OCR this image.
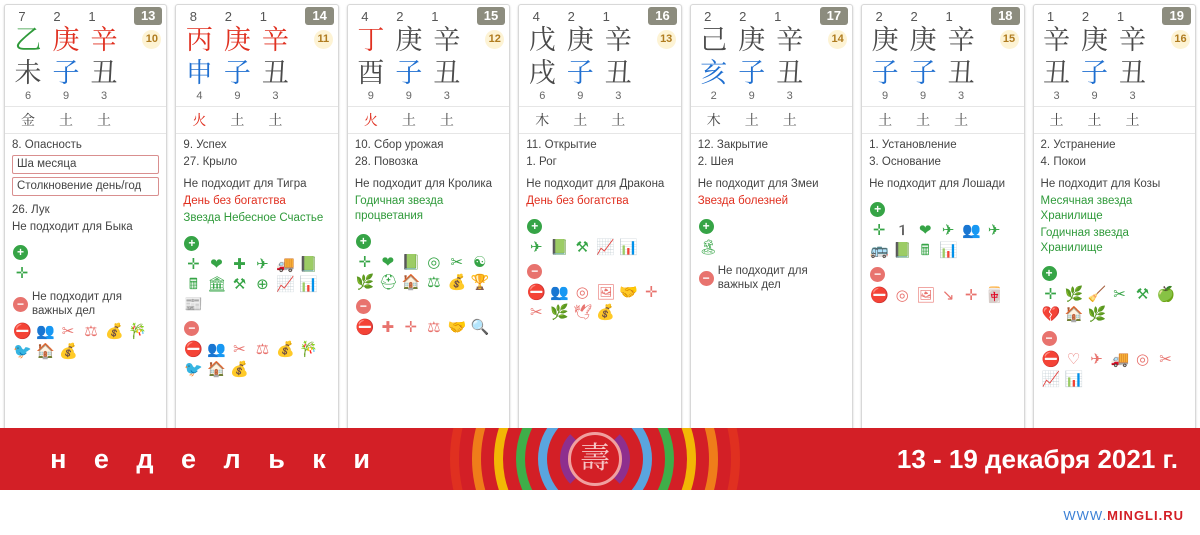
7 2 1	13
乙 庚 辛	10
未 子 丑
6	9	3
金	土	土
8. Опасность
Ша месяца
Столкновение день/год
26. Лук
Не подходит для Быка
+
✛
− Не подходит для важных дел
⛔ 👥 ✂ ⚖ 💰 🎋
🐦 🏠 💰
8 2 1	14
丙 庚 辛	11
申 子 丑
4	9	3
火	土	土
9. Успех
27. Крыло
Не подходит для Тигра
День без богатства
Звезда Небесное Счастье
+
✛ ❤ ✚ ✈ 🚚 📗
🖩 🏛 ⚒ ⊕ 📈 📊
📰
−
⛔ 👥 ✂ ⚖ 💰 🎋
🐦 🏠 💰
4 2 1	15
丁 庚 辛	12
酉 子 丑
9	9	3
火	土	土
10. Сбор урожая
28. Повозка
Не подходит для Кролика
Годичная звезда процветания
+
✛ ❤ 📗 ◎ ✂ ☯
🌿 ⛑ 🏠 ⚖ 💰 🏆
−
⛔ ✚ ✛ ⚖ 🤝 🔍
4 2 1	16
戊 庚 辛	13
戌 子 丑
6	9	3
木	土	土
11. Открытие
1. Рог
Не подходит для Дракона
День без богатства
+
✈ 📗 ⚒ 📈 📊
−
⛔ 👥 ◎ 🖼 🤝 ✛
✂ 🌿 🕊 💰
2 2 1	17
己 庚 辛	14
亥 子 丑
2	9	3
木	土	土
12. Закрытие
2. Шея
Не подходит для Змеи
Звезда болезней
+
🏝
− Не подходит для важных дел
2 2 1	18
庚 庚 辛	15
子 子 丑
9	9	3
土	土	土
1. Установление
3. Основание
Не подходит для Лошади
+
✛ 1️ ❤ ✈ 👥 ✈
🚌 📗 🖩 📊
−
⛔ ◎ 🖼 ↘ ✛ 🀄
1 2 1	19
辛 庚 辛	16
丑 子 丑
3	9	3
土	土	土
2. Устранение
4. Покои
Не подходит для Козы
Месячная звезда Хранилище
Годичная звезда Хранилище
+
✛ 🌿 🧹 ✂ ⚒ 🍏
💔 🏠 🌿
−
⛔ ♡ ✈ 🚚 ◎ ✂
📈 📊
н е д е л ь к и	壽	13 - 19 декабря 2021 г.
WWW.MINGLI.RU
